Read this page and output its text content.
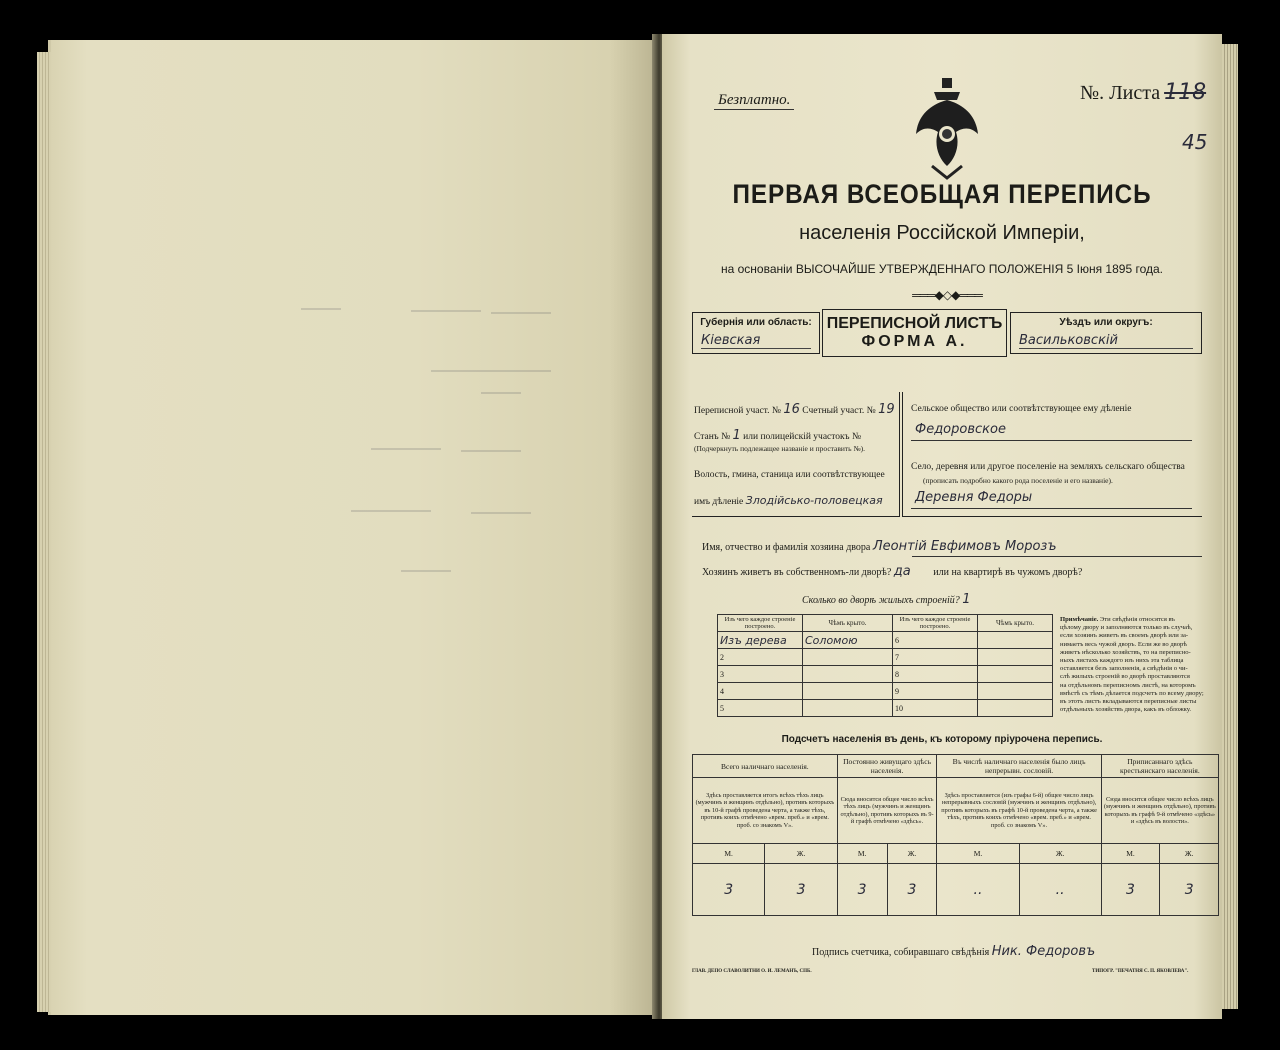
Безплатно.	№. Листа 118
45
ПЕРВАЯ ВСЕОБЩАЯ ПЕРЕПИСЬ
населенія Россійской Имперіи,
на основаніи ВЫСОЧАЙШЕ УТВЕРЖДЕННАГО ПОЛОЖЕНІЯ 5 Іюня 1895 года.
═══◆◇◆═══
Губернія или область:
Кіевская
ПЕРЕПИСНОЙ ЛИСТЪ
ФОРМА А.
Уѣздъ или округъ:
Васильковскій
Переписной участ. № 16 Счетный участ. № 19
Станъ № 1 или полицейскій участокъ №
(Подчеркнуть подлежащее названіе и проставить №).
Волость, гмина, станица или соотвѣтствующее
имъ дѣленіе Злодійсько-половецкая
Сельское общество или соотвѣтствующее ему дѣленіе
Федоровское
Село, деревня или другое поселеніе на земляхъ сельскаго общества
(прописать подробно какого рода поселеніе и его названіе).
Деревня Федоры
Имя, отчество и фамилія хозяина двора Леонтій Евфимовъ Морозъ
Хозяинъ живетъ въ собственномъ-ли дворѣ? да или на квартирѣ въ чужомъ дворѣ?
Сколько во дворѣ жилыхъ строеній? 1
Изъ чего каждое строеніе построено.	Чѣмъ крыто.	Изъ чего каждое строеніе построено.	Чѣмъ крыто.
Изъ дерева	Соломою	6	
2		7	
3		8	
4		9	
5		10	
Примѣчаніе. Эти свѣдѣнія относятся въ
цѣлому двору и заполняются только въ случаѣ,
если хозяинъ живетъ въ своемъ дворѣ или за-
нимаетъ весь чужой дворъ. Если же во дворѣ
живетъ нѣсколько хозяйствъ, то на переписно-
ныхъ листахъ каждого изъ нихъ эта таблица
оставляется безъ заполненія, а свѣдѣнія о чи-
слѣ жилыхъ строеній во дворѣ проставляются
на отдѣльномъ переписномъ листѣ, на которомъ
вмѣстѣ съ тѣмъ дѣлается подсчетъ по всему двору;
въ этотъ листъ вкладываются переписные листы
отдѣльныхъ хозяйствъ двора, какъ въ обложку.
Подсчетъ населенія въ день, къ которому пріурочена перепись.
Всего наличнаго населенія.		Постоянно живущаго здѣсь населенія.		Въ числѣ наличнаго населенія было лицъ непрерывн. сословій.		Приписаннаго здѣсь крестьянскаго населенія.	
Здѣсь проставляется итогъ всѣхъ тѣхъ лицъ (мужчинъ и женщинъ отдѣльно), противъ которыхъ въ 10-й графѣ проведена черта, а также тѣхъ, противъ коихъ отмѣчено «врем. преб.» и «врем. проб. со знакомъ V».		Сюда вносится общее число всѣхъ тѣхъ лицъ (мужчинъ и женщинъ отдѣльно), противъ которыхъ въ 9-й графѣ отмѣчено «здѣсь».		Здѣсь проставляется (изъ графы 6-й) общее число лицъ непрерывныхъ сословій (мужчинъ и женщинъ отдѣльно), противъ которыхъ въ графѣ 10-й проведена черта, а также тѣхъ, противъ коихъ отмѣчено «врем. преб.» и «врем. проб. со знакомъ V».		Сюда вносится общее число всѣхъ лицъ (мужчинъ и женщинъ отдѣльно), противъ которыхъ въ графѣ 9-й отмѣчено «здѣсь» и «здѣсь въ волости».	
М.	Ж.	М.	Ж.	М.	Ж.	М.	Ж.
3	3	3	3	..	..	3	3
Подпись счетчика, собиравшаго свѣдѣнія Ник. Федоровъ
ГЛАВ. ДЕПО СЛАВОЛИТНИ О. И. ЛЕМАНЪ, СПБ.	ТИПОГР. "ПЕЧАТНЯ С. П. ЯКОВЛЕВА".
